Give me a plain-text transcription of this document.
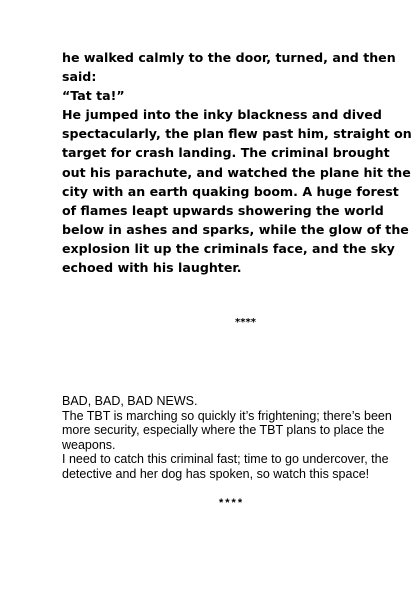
he walked calmly to the door, turned, and then said:

“Tat ta!”

He jumped into the inky blackness and dived spectacularly, the plan flew past him, straight on target for crash landing. The criminal brought out his parachute, and watched the plane hit the city with an earth quaking boom. A huge forest of flames leapt upwards showering the world below in ashes and sparks, while the glow of the explosion lit up the criminals face, and the sky echoed with his laughter.

****

BAD, BAD, BAD NEWS.

The TBT is marching so quickly it’s frightening; there’s been more security, especially where the TBT plans to place the weapons.

I need to catch this criminal fast; time to go undercover, the detective and her dog has spoken, so watch this space!

****
